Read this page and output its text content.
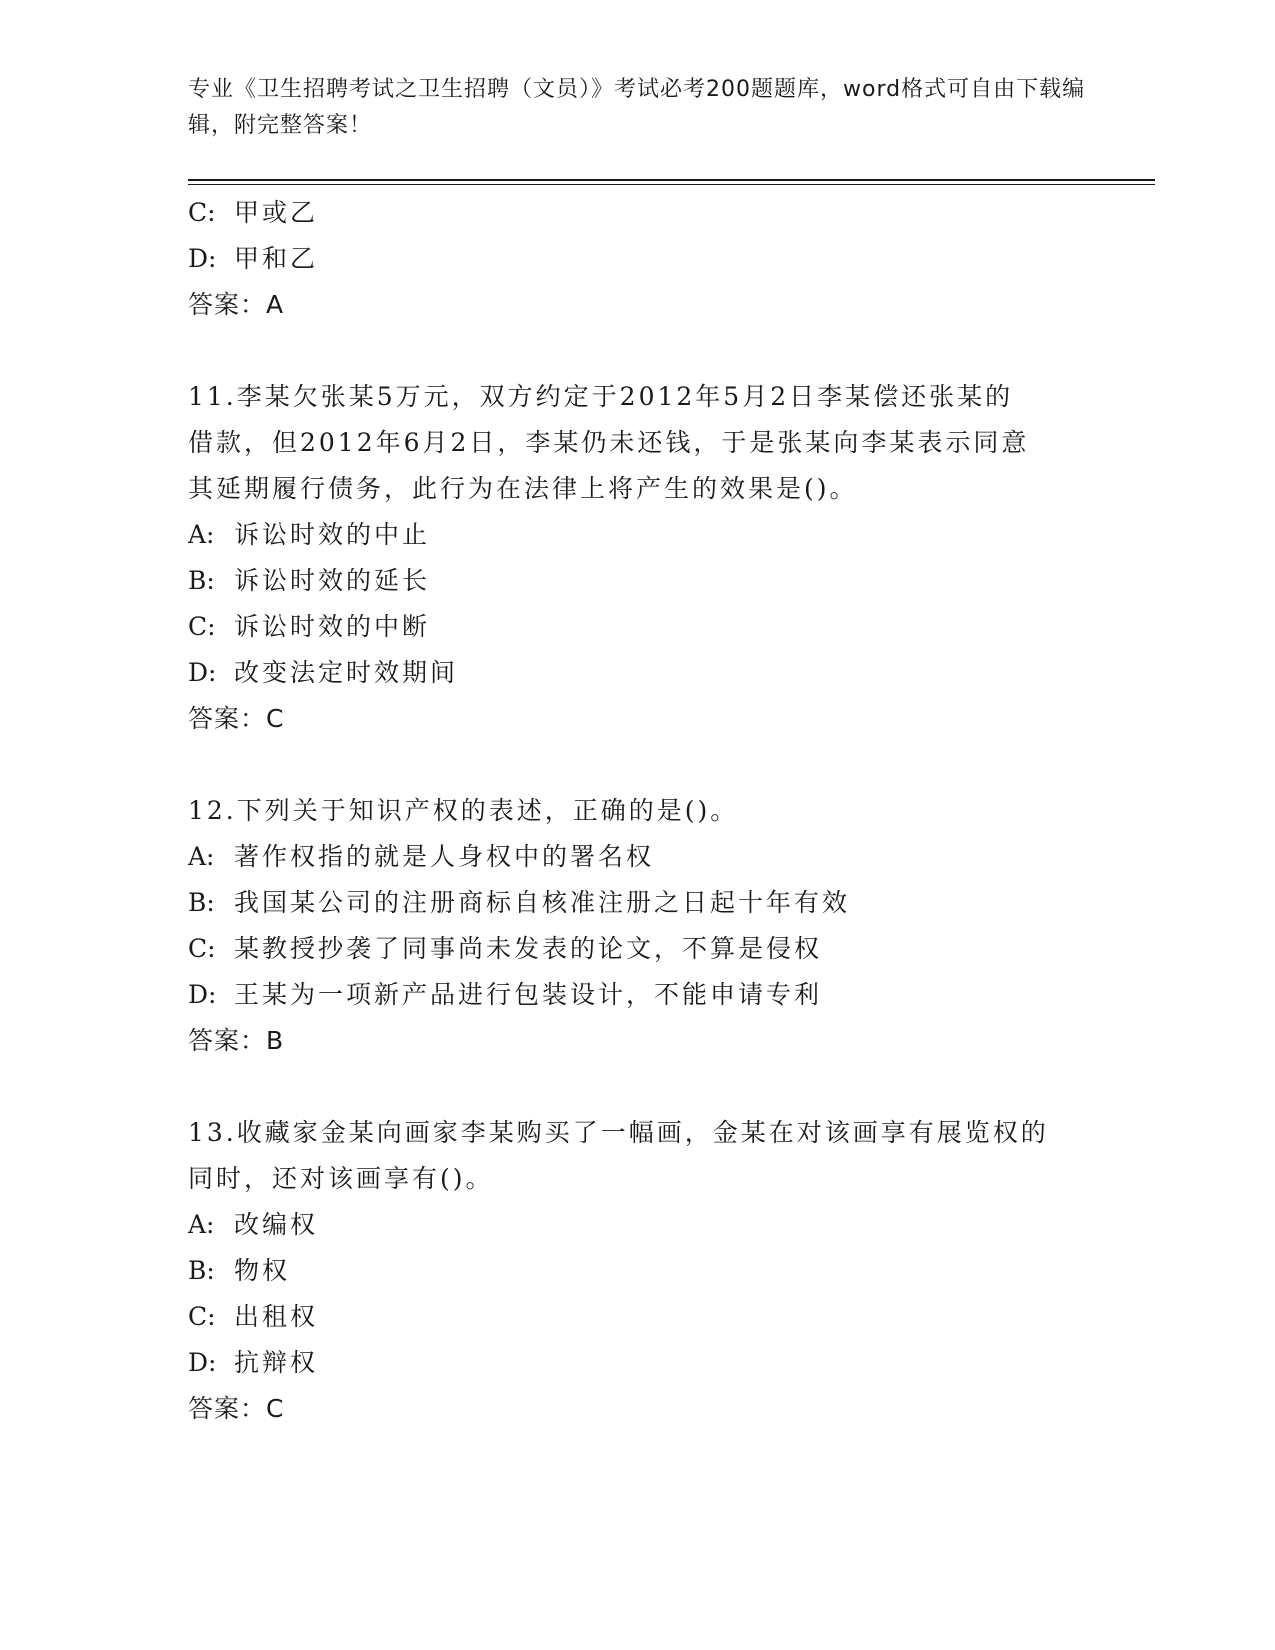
专业《卫生招聘考试之卫生招聘（文员）》考试必考200题题库，word格式可自由下载编辑，附完整答案！
C: 甲或乙
D: 甲和乙
答案：A
11.李某欠张某5万元，双方约定于2012年5月2日李某偿还张某的
借款，但2012年6月2日，李某仍未还钱，于是张某向李某表示同意
其延期履行债务，此行为在法律上将产生的效果是()。
A: 诉讼时效的中止
B: 诉讼时效的延长
C: 诉讼时效的中断
D: 改变法定时效期间
答案：C
12.下列关于知识产权的表述，正确的是()。
A: 著作权指的就是人身权中的署名权
B: 我国某公司的注册商标自核准注册之日起十年有效
C: 某教授抄袭了同事尚未发表的论文，不算是侵权
D: 王某为一项新产品进行包装设计，不能申请专利
答案：B
13.收藏家金某向画家李某购买了一幅画，金某在对该画享有展览权的
同时，还对该画享有()。
A: 改编权
B: 物权
C: 出租权
D: 抗辩权
答案：C
